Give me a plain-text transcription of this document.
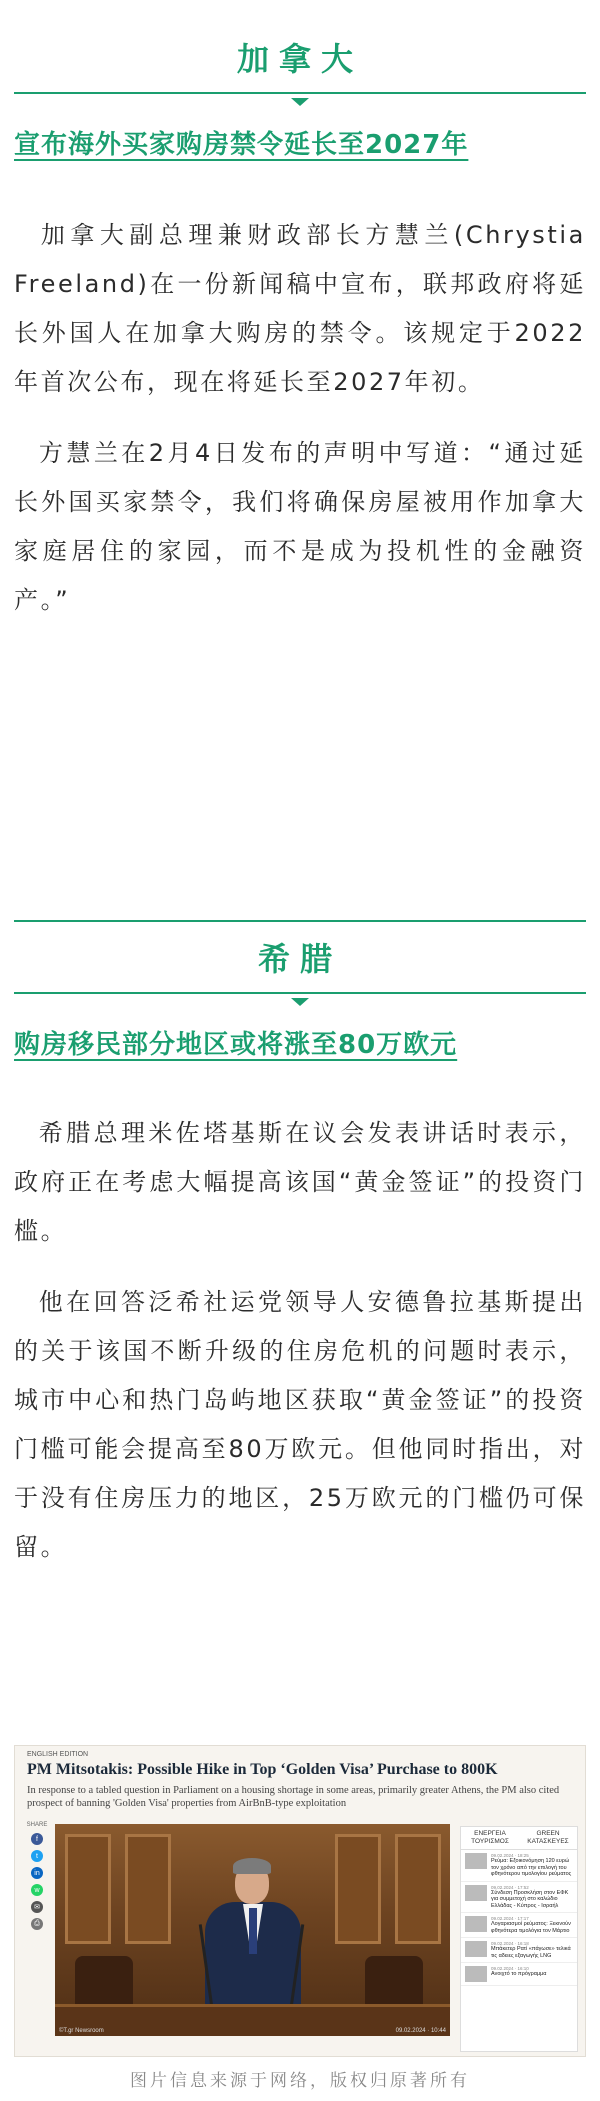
加拿大
宣布海外买家购房禁令延长至2027年
加拿大副总理兼财政部长方慧兰(Chrystia Freeland)在一份新闻稿中宣布，联邦政府将延长外国人在加拿大购房的禁令。该规定于2022年首次公布，现在将延长至2027年初。
方慧兰在2月4日发布的声明中写道：“通过延长外国买家禁令，我们将确保房屋被用作加拿大家庭居住的家园，而不是成为投机性的金融资产。”
希腊
购房移民部分地区或将涨至80万欧元
希腊总理米佐塔基斯在议会发表讲话时表示，政府正在考虑大幅提高该国“黄金签证”的投资门槛。
他在回答泛希社运党领导人安德鲁拉基斯提出的关于该国不断升级的住房危机的问题时表示，城市中心和热门岛屿地区获取“黄金签证”的投资门槛可能会提高至80万欧元。但他同时指出，对于没有住房压力的地区，25万欧元的门槛仍可保留。
ENGLISH EDITION
PM Mitsotakis: Possible Hike in Top ‘Golden Visa’ Purchase to 800K
In response to a tabled question in Parliament on a housing shortage in some areas, primarily greater Athens, the PM also cited prospect of banning 'Golden Visa' properties from AirBnB-type exploitation
SHARE
f
t
in
w
✉
⎙
©T.gr Newsroom	09.02.2024 · 10:44
ΕΝΕΡΓΕΙΑ ΤΟΥΡΙΣΜΟΣ
GREEN ΚΑΤΑΣΚΕΥΕΣ
09.02.2024 · 18:25
Ρεύμα: Εξοικονόμηση 120 ευρώ τον χρόνο από την επιλογή του φθηνότερου τιμολογίου ρεύματος
09.02.2024 · 17:52
Σύνδεση Προσκλήση στον ΕΦΚ για συμμετοχή στο καλώδιο Ελλάδας - Κύπρος - Ισραήλ
09.02.2024 · 17:17
Λογαριασμοί ρεύματος: Ξεκινούν φθηνότερα τιμολόγια τον Μάρτιο
09.02.2024 · 16:18
Μπάκετερ Ρατί «πάγωσε» τελικά τις αδειες εξαγωγής LNG
09.02.2024 · 16:10
Ανοιχτό το πρόγραμμα
图片信息来源于网络，版权归原著所有
